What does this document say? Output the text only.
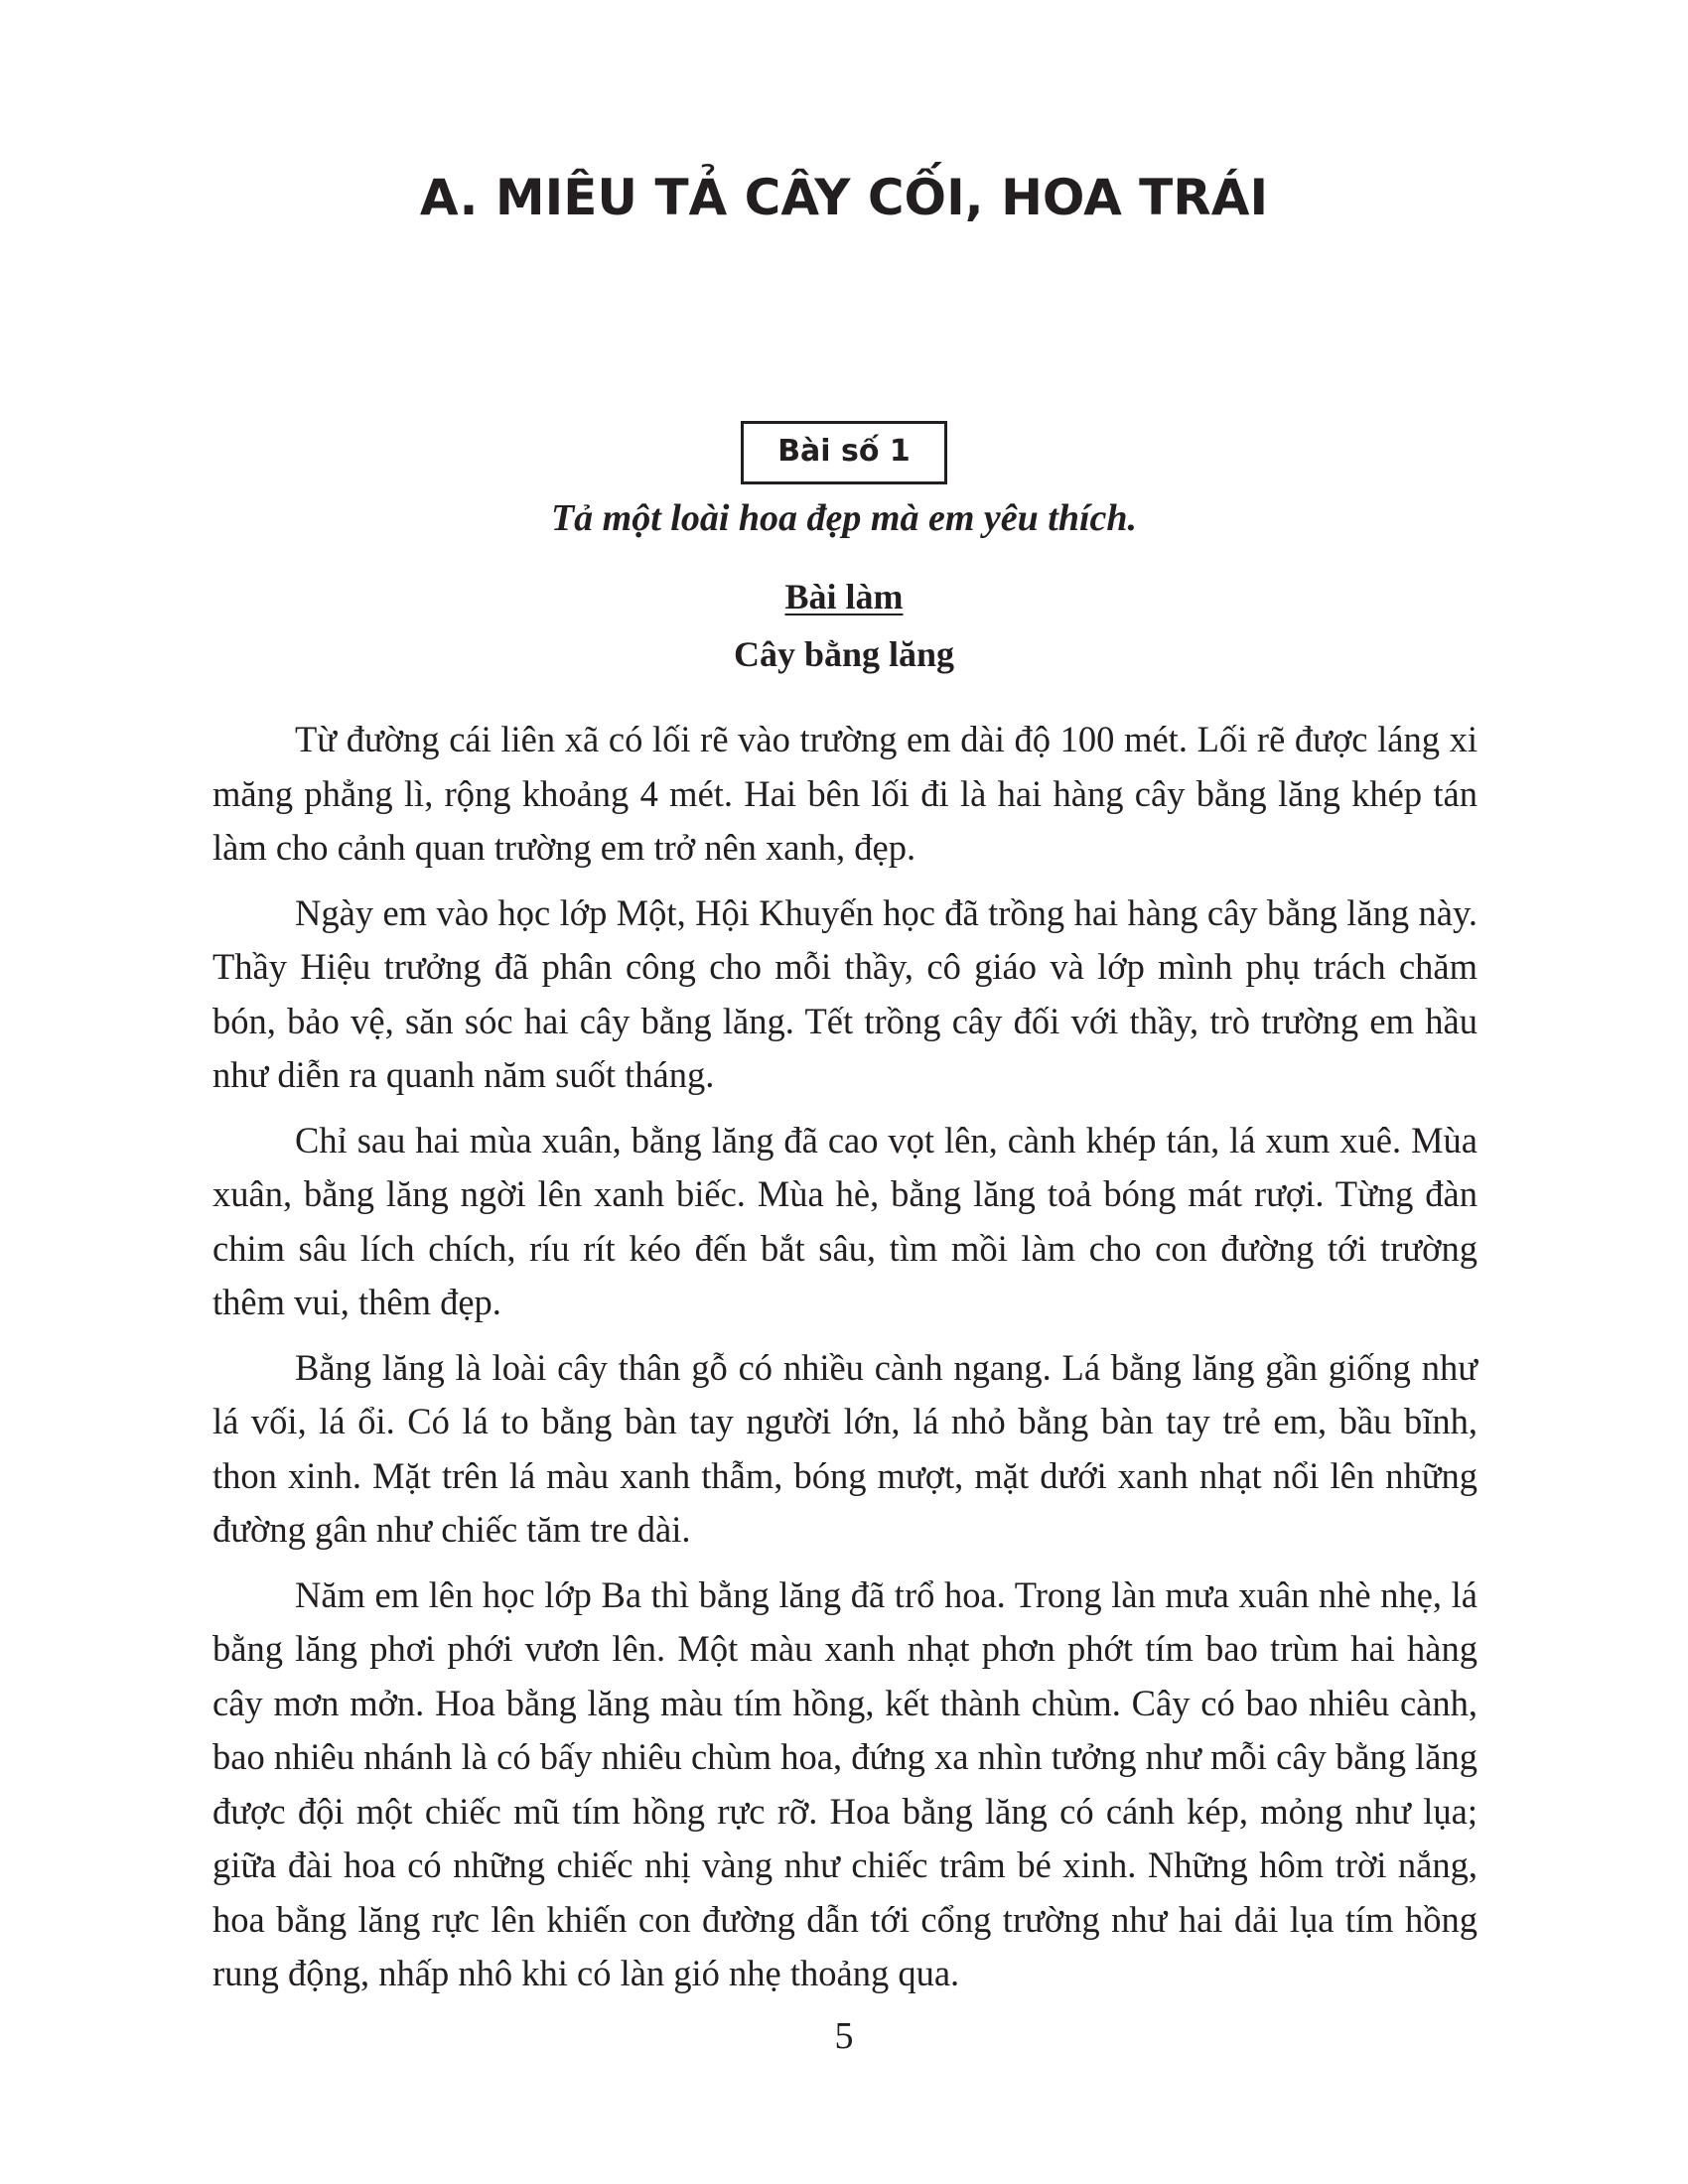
A. MIÊU TẢ CÂY CỐI, HOA TRÁI
Bài số 1

Tả một loài hoa đẹp mà em yêu thích.

Bài làm

Cây bằng lăng

Từ đường cái liên xã có lối rẽ vào trường em dài độ 100 mét. Lối rẽ được láng xi măng phẳng lì, rộng khoảng 4 mét. Hai bên lối đi là hai hàng cây bằng lăng khép tán làm cho cảnh quan trường em trở nên xanh, đẹp.

Ngày em vào học lớp Một, Hội Khuyến học đã trồng hai hàng cây bằng lăng này. Thầy Hiệu trưởng đã phân công cho mỗi thầy, cô giáo và lớp mình phụ trách chăm bón, bảo vệ, săn sóc hai cây bằng lăng. Tết trồng cây đối với thầy, trò trường em hầu như diễn ra quanh năm suốt tháng.

Chỉ sau hai mùa xuân, bằng lăng đã cao vọt lên, cành khép tán, lá xum xuê. Mùa xuân, bằng lăng ngời lên xanh biếc. Mùa hè, bằng lăng toả bóng mát rượi. Từng đàn chim sâu lích chích, ríu rít kéo đến bắt sâu, tìm mồi làm cho con đường tới trường thêm vui, thêm đẹp.

Bằng lăng là loài cây thân gỗ có nhiều cành ngang. Lá bằng lăng gần giống như lá vối, lá ổi. Có lá to bằng bàn tay người lớn, lá nhỏ bằng bàn tay trẻ em, bầu bĩnh, thon xinh. Mặt trên lá màu xanh thẫm, bóng mượt, mặt dưới xanh nhạt nổi lên những đường gân như chiếc tăm tre dài.

Năm em lên học lớp Ba thì bằng lăng đã trổ hoa. Trong làn mưa xuân nhè nhẹ, lá bằng lăng phơi phới vươn lên. Một màu xanh nhạt phơn phớt tím bao trùm hai hàng cây mơn mởn. Hoa bằng lăng màu tím hồng, kết thành chùm. Cây có bao nhiêu cành, bao nhiêu nhánh là có bấy nhiêu chùm hoa, đứng xa nhìn tưởng như mỗi cây bằng lăng được đội một chiếc mũ tím hồng rực rỡ. Hoa bằng lăng có cánh kép, mỏng như lụa; giữa đài hoa có những chiếc nhị vàng như chiếc trâm bé xinh. Những hôm trời nắng, hoa bằng lăng rực lên khiến con đường dẫn tới cổng trường như hai dải lụa tím hồng rung động, nhấp nhô khi có làn gió nhẹ thoảng qua.

5
